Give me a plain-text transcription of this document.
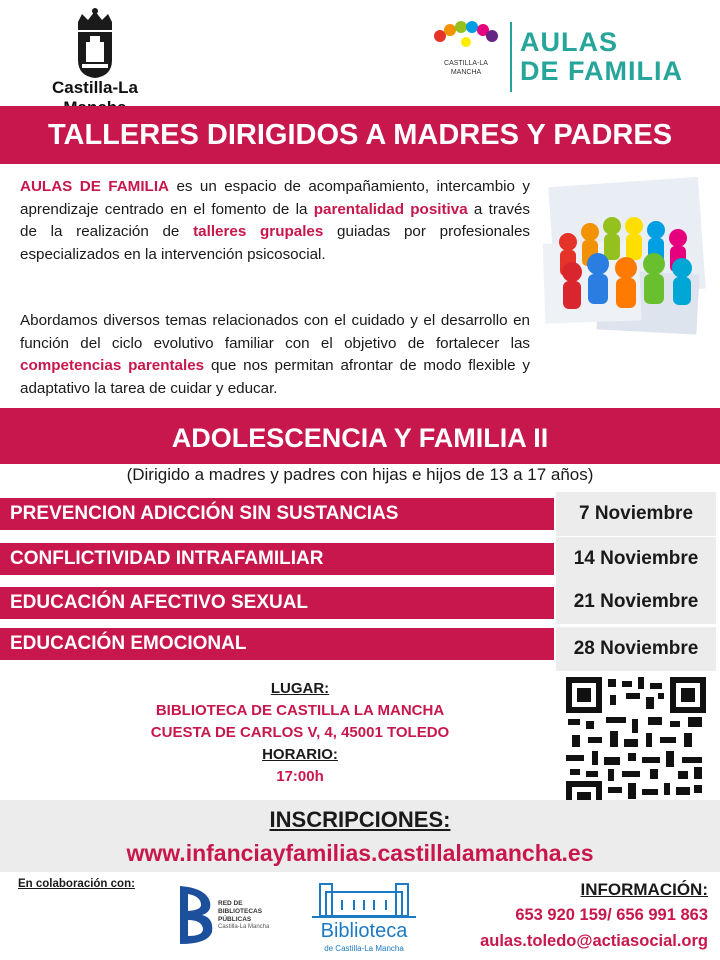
Castilla-La
CASTILLA-LAMANCHA
AULAS
DE FAMILIA
TALLERES DIRIGIDOS A MADRES Y PADRES
AULAS DE FAMILIA es un espacio de acompañamiento, intercambio y aprendizaje centrado en el fomento de la parentalidad positiva a través de la realización de talleres grupales guiadas por profesionales especializados en la intervención psicosocial.
Abordamos diversos temas relacionados con el cuidado y el desarrollo en función del ciclo evolutivo familiar con el objetivo de fortalecer las competencias parentales que nos permitan afrontar de modo flexible y adaptativo la tarea de cuidar y educar.
ADOLESCENCIA Y FAMILIA II
(Dirigido a madres y padres con hijas e hijos de 13 a 17 años)
PREVENCION ADICCIÓN SIN SUSTANCIAS	7 Noviembre
CONFLICTIVIDAD INTRAFAMILIAR	14 Noviembre
EDUCACIÓN AFECTIVO SEXUAL	21 Noviembre
EDUCACIÓN EMOCIONAL	28 Noviembre
LUGAR:
BIBLIOTECA DE CASTILLA LA MANCHA
CUESTA DE CARLOS V, 4, 45001 TOLEDO
HORARIO:
17:00h
INSCRIPCIONES:
www.infanciayfamilias.castillalamancha.es
En colaboración con:
RED DE
BIBLIOTECAS
PÚBLICAS
Castilla-La Mancha	Biblioteca
de Castilla-La Mancha
INFORMACIÓN:
653 920 159/ 656 991 863
aulas.toledo@actiasocial.org
